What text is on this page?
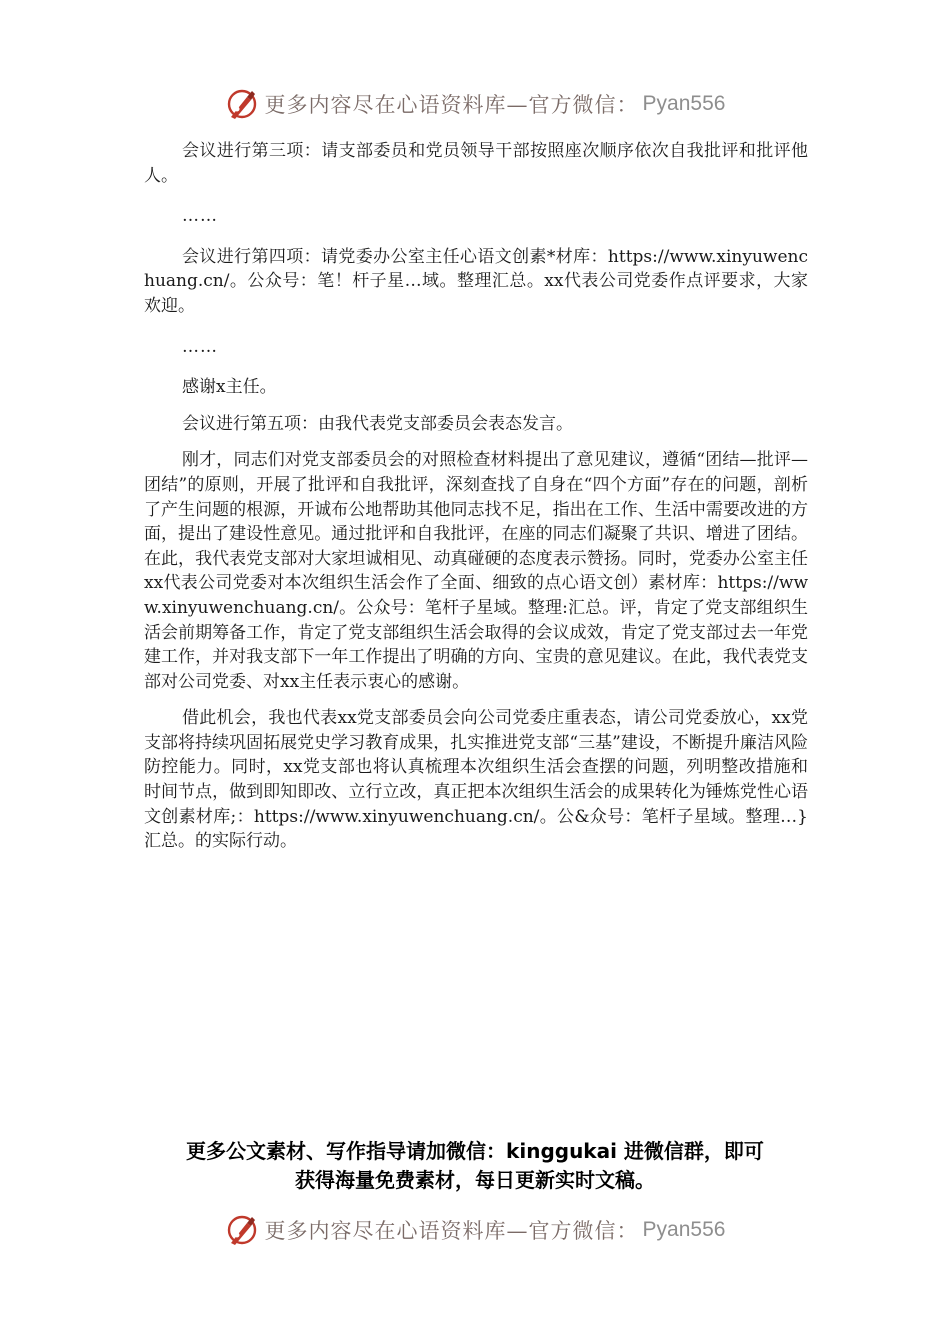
更多内容尽在心语资料库—官方微信： Pyan556

会议进行第三项：请支部委员和党员领导干部按照座次顺序依次自我批评和批评他人。

……

会议进行第四项：请党委办公室主任心语文创素*材库：https://www.xinyuwenchuang.cn/。公众号：笔！杆子星…域。整理汇总。xx代表公司党委作点评要求，大家欢迎。

……

感谢x主任。

会议进行第五项：由我代表党支部委员会表态发言。

刚才，同志们对党支部委员会的对照检查材料提出了意见建议，遵循“团结—批评—团结”的原则，开展了批评和自我批评，深刻查找了自身在“四个方面”存在的问题，剖析了产生问题的根源，开诚布公地帮助其他同志找不足，指出在工作、生活中需要改进的方面，提出了建设性意见。通过批评和自我批评，在座的同志们凝聚了共识、增进了团结。在此，我代表党支部对大家坦诚相见、动真碰硬的态度表示赞扬。同时，党委办公室主任xx代表公司党委对本次组织生活会作了全面、细致的点心语文创）素材库：https://www.xinyuwenchuang.cn/。公众号：笔杆子星域。整理:汇总。评，肯定了党支部组织生活会前期筹备工作，肯定了党支部组织生活会取得的会议成效，肯定了党支部过去一年党建工作，并对我支部下一年工作提出了明确的方向、宝贵的意见建议。在此，我代表党支部对公司党委、对xx主任表示衷心的感谢。

借此机会，我也代表xx党支部委员会向公司党委庄重表态，请公司党委放心，xx党支部将持续巩固拓展党史学习教育成果，扎实推进党支部“三基”建设，不断提升廉洁风险防控能力。同时，xx党支部也将认真梳理本次组织生活会查摆的问题，列明整改措施和时间节点，做到即知即改、立行立改，真正把本次组织生活会的成果转化为锤炼党性心语文创素材库;：https://www.xinyuwenchuang.cn/。公&众号：笔杆子星域。整理…}汇总。的实际行动。

更多公文素材、写作指导请加微信：kinggukai 进微信群，即可
获得海量免费素材，每日更新实时文稿。
更多内容尽在心语资料库—官方微信： Pyan556
